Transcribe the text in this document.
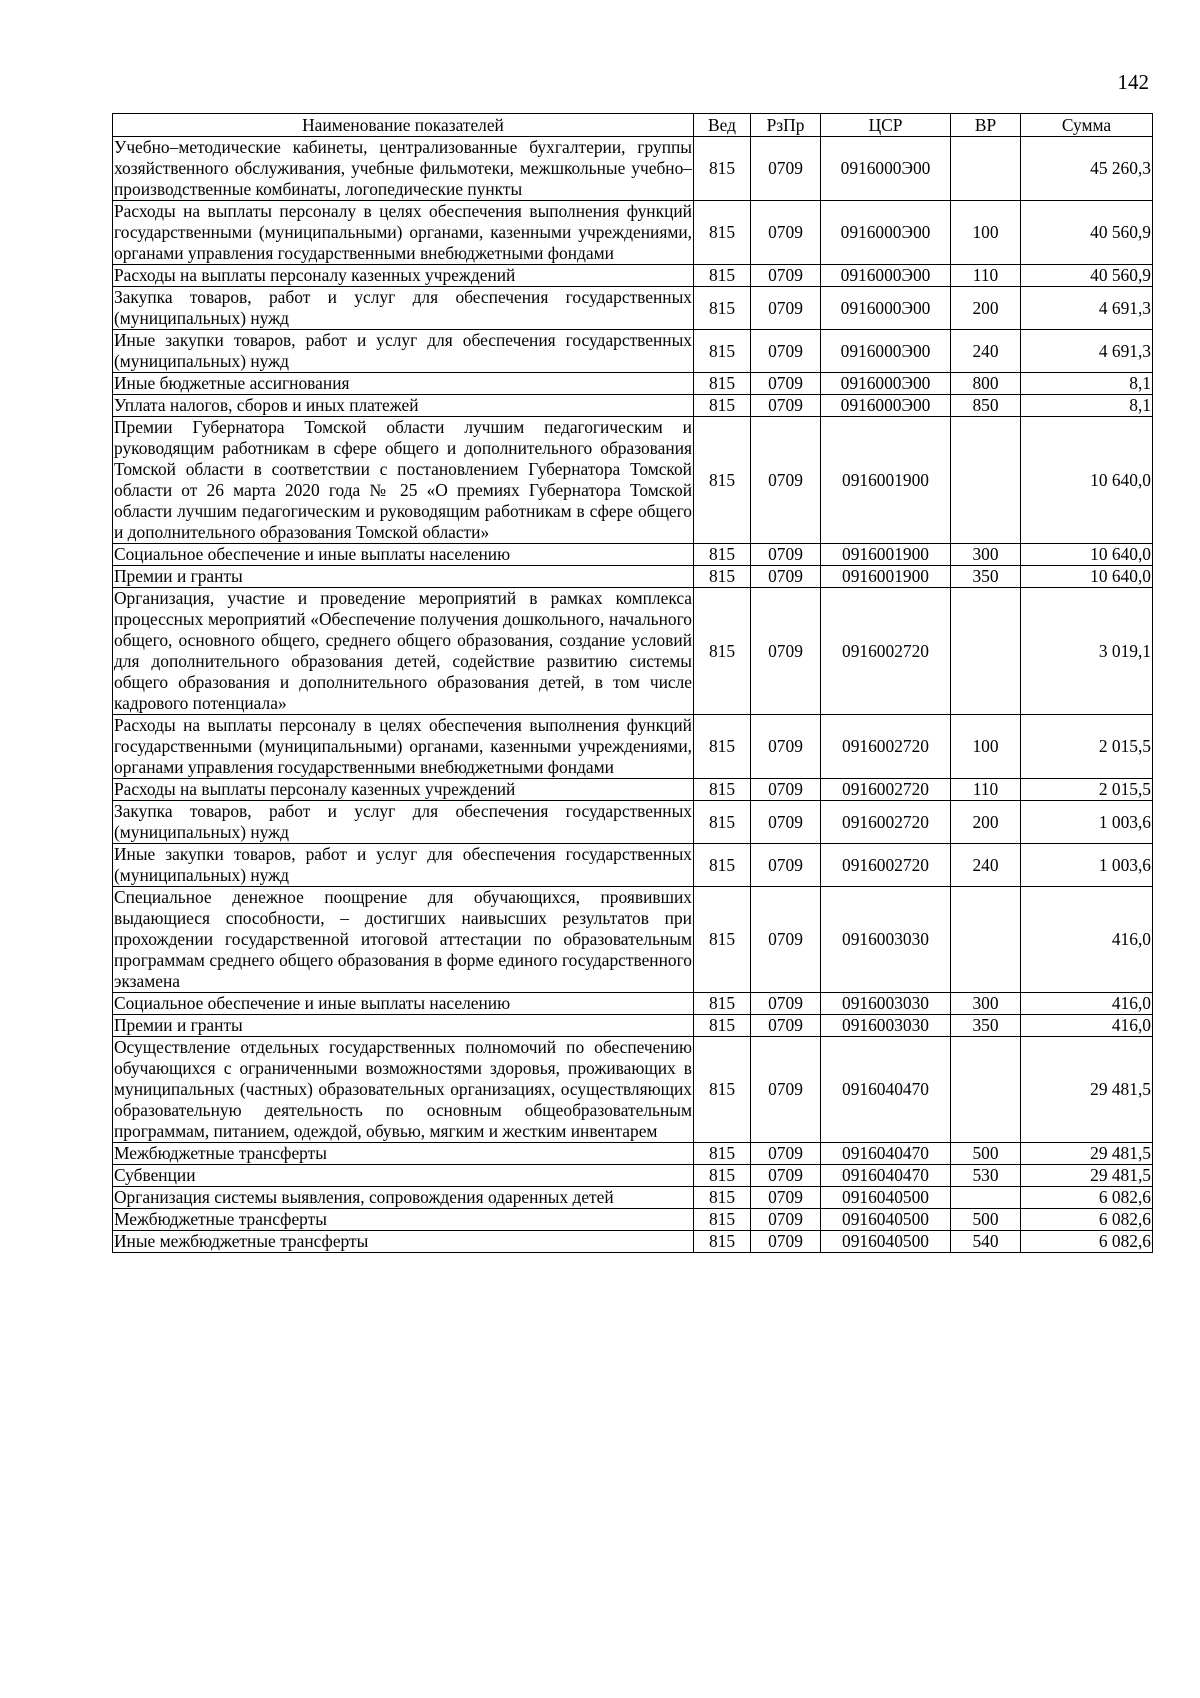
142
Наименование показателей	Вед	РзПр	ЦСР	ВР	Сумма
Учебно–методические кабинеты, централизованные бухгалтерии, группы хозяйственного обслуживания, учебные фильмотеки, межшкольные учебно–производственные комбинаты, логопедические пункты	815	0709	0916000Э00		45 260,3
Расходы на выплаты персоналу в целях обеспечения выполнения функций государственными (муниципальными) органами, казенными учреждениями, органами управления государственными внебюджетными фондами	815	0709	0916000Э00	100	40 560,9
Расходы на выплаты персоналу казенных учреждений	815	0709	0916000Э00	110	40 560,9
Закупка товаров, работ и услуг для обеспечения государственных (муниципальных) нужд	815	0709	0916000Э00	200	4 691,3
Иные закупки товаров, работ и услуг для обеспечения государственных (муниципальных) нужд	815	0709	0916000Э00	240	4 691,3
Иные бюджетные ассигнования	815	0709	0916000Э00	800	8,1
Уплата налогов, сборов и иных платежей	815	0709	0916000Э00	850	8,1
Премии Губернатора Томской области лучшим педагогическим и руководящим работникам в сфере общего и дополнительного образования Томской области в соответствии с постановлением Губернатора Томской области от 26 марта 2020 года № 25 «О премиях Губернатора Томской области лучшим педагогическим и руководящим работникам в сфере общего и дополнительного образования Томской области»	815	0709	0916001900		10 640,0
Социальное обеспечение и иные выплаты населению	815	0709	0916001900	300	10 640,0
Премии и гранты	815	0709	0916001900	350	10 640,0
Организация, участие и проведение мероприятий в рамках комплекса процессных мероприятий «Обеспечение получения дошкольного, начального общего, основного общего, среднего общего образования, создание условий для дополнительного образования детей, содействие развитию системы общего образования и дополнительного образования детей, в том числе кадрового потенциала»	815	0709	0916002720		3 019,1
Расходы на выплаты персоналу в целях обеспечения выполнения функций государственными (муниципальными) органами, казенными учреждениями, органами управления государственными внебюджетными фондами	815	0709	0916002720	100	2 015,5
Расходы на выплаты персоналу казенных учреждений	815	0709	0916002720	110	2 015,5
Закупка товаров, работ и услуг для обеспечения государственных (муниципальных) нужд	815	0709	0916002720	200	1 003,6
Иные закупки товаров, работ и услуг для обеспечения государственных (муниципальных) нужд	815	0709	0916002720	240	1 003,6
Специальное денежное поощрение для обучающихся, проявивших выдающиеся способности, – достигших наивысших результатов при прохождении государственной итоговой аттестации по образовательным программам среднего общего образования в форме единого государственного экзамена	815	0709	0916003030		416,0
Социальное обеспечение и иные выплаты населению	815	0709	0916003030	300	416,0
Премии и гранты	815	0709	0916003030	350	416,0
Осуществление отдельных государственных полномочий по обеспечению обучающихся с ограниченными возможностями здоровья, проживающих в муниципальных (частных) образовательных организациях, осуществляющих образовательную деятельность по основным общеобразовательным программам, питанием, одеждой, обувью, мягким и жестким инвентарем	815	0709	0916040470		29 481,5
Межбюджетные трансферты	815	0709	0916040470	500	29 481,5
Субвенции	815	0709	0916040470	530	29 481,5
Организация системы выявления, сопровождения одаренных детей	815	0709	0916040500		6 082,6
Межбюджетные трансферты	815	0709	0916040500	500	6 082,6
Иные межбюджетные трансферты	815	0709	0916040500	540	6 082,6
